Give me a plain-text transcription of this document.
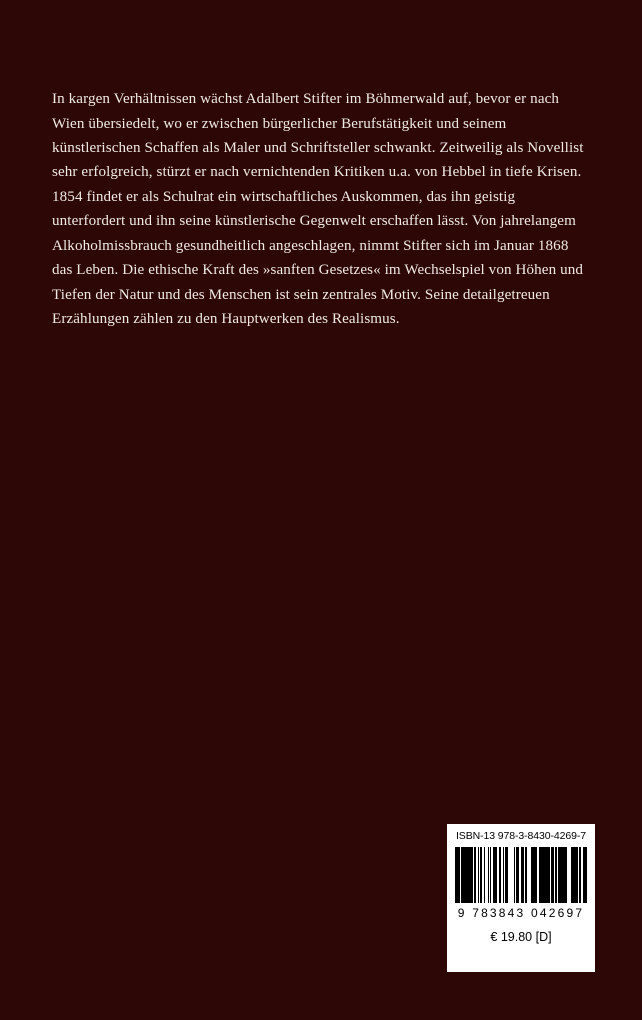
In kargen Verhältnissen wächst Adalbert Stifter im Böhmerwald auf, bevor er nach Wien übersiedelt, wo er zwischen bürgerlicher Berufstätigkeit und seinem künstlerischen Schaffen als Maler und Schriftsteller schwankt. Zeitweilig als Novellist sehr erfolgreich, stürzt er nach vernichtenden Kritiken u.a. von Hebbel in tiefe Krisen. 1854 findet er als Schulrat ein wirtschaftliches Auskommen, das ihn geistig unterfordert und ihn seine künstlerische Gegenwelt erschaffen lässt. Von jahrelangem Alkoholmissbrauch gesundheitlich angeschlagen, nimmt Stifter sich im Januar 1868 das Leben. Die ethische Kraft des »sanften Gesetzes« im Wechselspiel von Höhen und Tiefen der Natur und des Menschen ist sein zentrales Motiv. Seine detailgetreuen Erzählungen zählen zu den Hauptwerken des Realismus.

ISBN-13 978-3-8430-4269-7
9 783843 042697
€ 19.80 [D]
